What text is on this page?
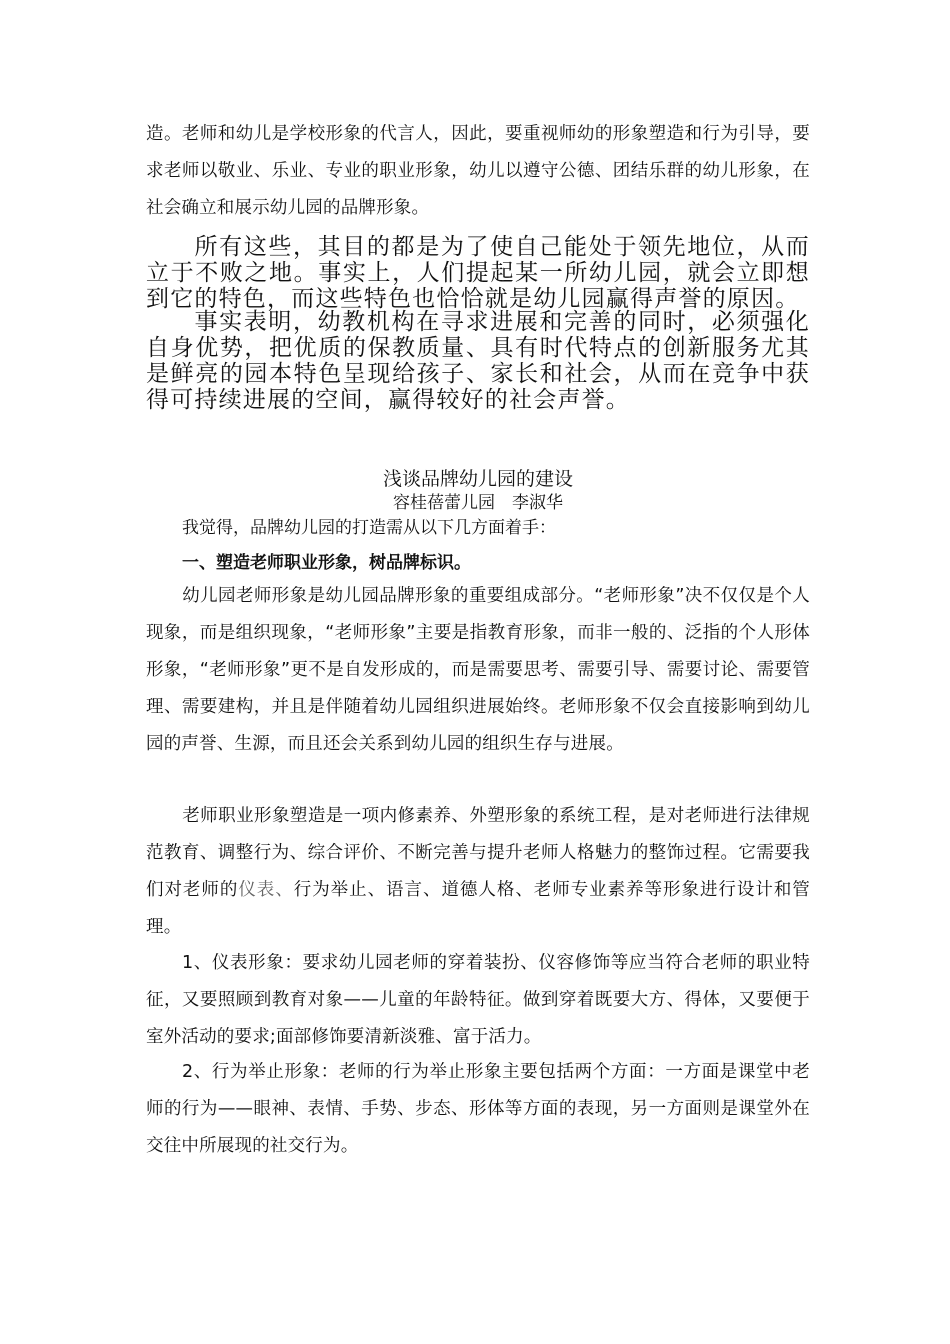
造。老师和幼儿是学校形象的代言人，因此，要重视师幼的形象塑造和行为引导，要求老师以敬业、乐业、专业的职业形象，幼儿以遵守公德、团结乐群的幼儿形象，在社会确立和展示幼儿园的品牌形象。

所有这些，其目的都是为了使自己能处于领先地位，从而立于不败之地。事实上，人们提起某一所幼儿园，就会立即想到它的特色，而这些特色也恰恰就是幼儿园赢得声誉的原因。

事实表明，幼教机构在寻求进展和完善的同时，必须强化自身优势，把优质的保教质量、具有时代特点的创新服务尤其是鲜亮的园本特色呈现给孩子、家长和社会，从而在竞争中获得可持续进展的空间，赢得较好的社会声誉。

浅谈品牌幼儿园的建设

容桂蓓蕾儿园　李淑华

我觉得，品牌幼儿园的打造需从以下几方面着手：

一、塑造老师职业形象，树品牌标识。

幼儿园老师形象是幼儿园品牌形象的重要组成部分。“老师形象”决不仅仅是个人现象，而是组织现象，“老师形象”主要是指教育形象，而非一般的、泛指的个人形体形象，“老师形象”更不是自发形成的，而是需要思考、需要引导、需要讨论、需要管理、需要建构，并且是伴随着幼儿园组织进展始终。老师形象不仅会直接影响到幼儿园的声誉、生源，而且还会关系到幼儿园的组织生存与进展。

老师职业形象塑造是一项内修素养、外塑形象的系统工程，是对老师进行法律规范教育、调整行为、综合评价、不断完善与提升老师人格魅力的整饰过程。它需要我们对老师的仪表、行为举止、语言、道德人格、老师专业素养等形象进行设计和管理。

1、仪表形象：要求幼儿园老师的穿着装扮、仪容修饰等应当符合老师的职业特征，又要照顾到教育对象——儿童的年龄特征。做到穿着既要大方、得体，又要便于室外活动的要求;面部修饰要清新淡雅、富于活力。

2、行为举止形象：老师的行为举止形象主要包括两个方面：一方面是课堂中老师的行为——眼神、表情、手势、步态、形体等方面的表现，另一方面则是课堂外在交往中所展现的社交行为。
